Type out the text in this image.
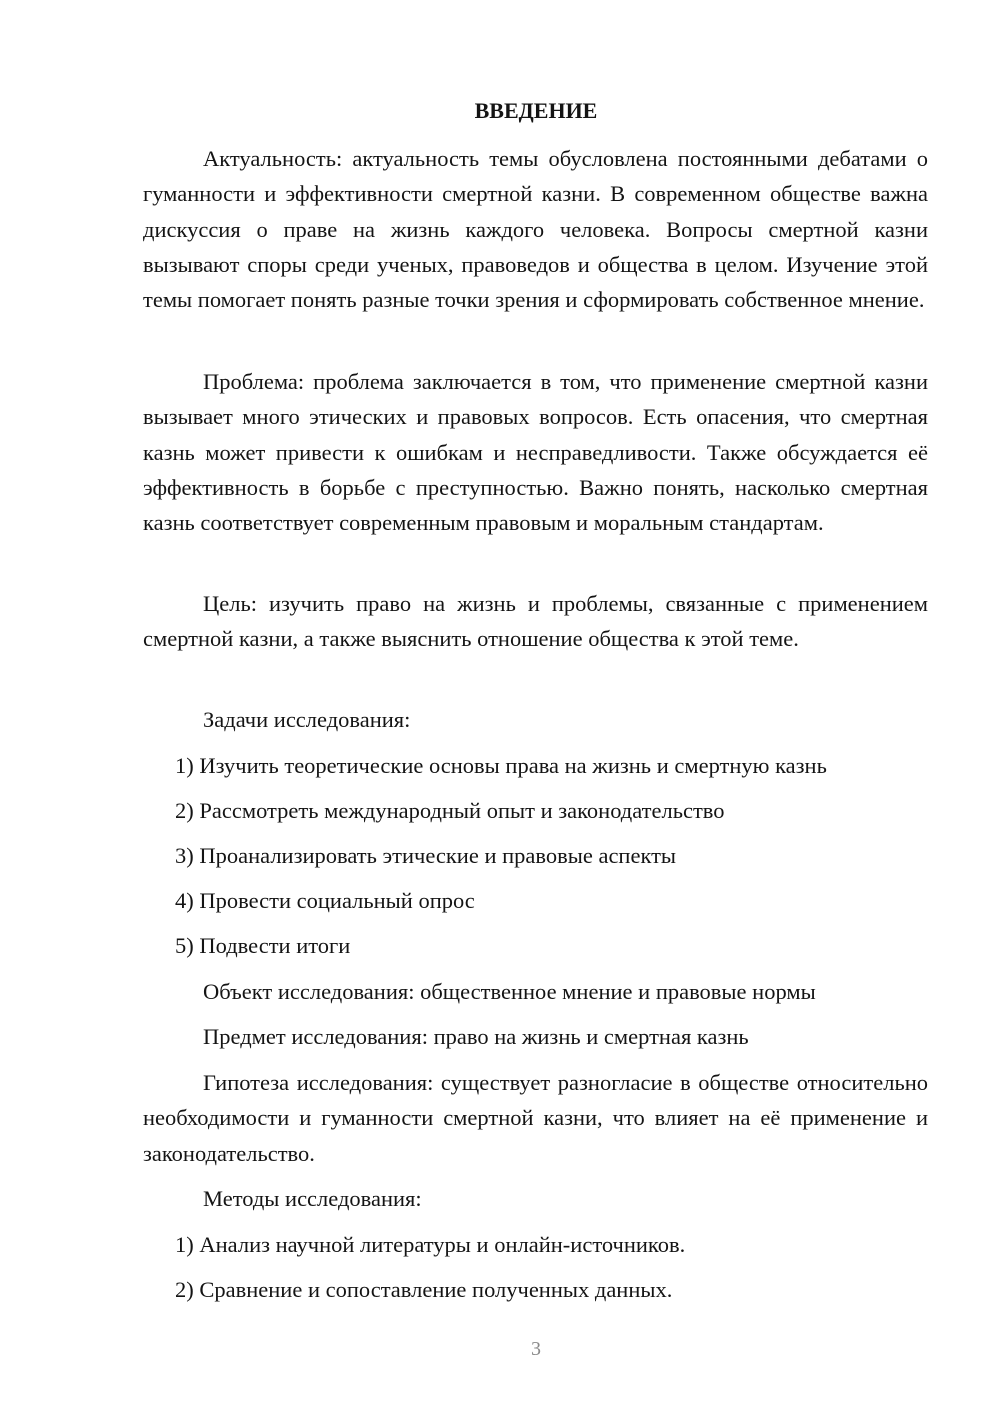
ВВЕДЕНИЕ

Актуальность: актуальность темы обусловлена постоянными дебатами о гуманности и эффективности смертной казни. В современном обществе важна дискуссия о праве на жизнь каждого человека. Вопросы смертной казни вызывают споры среди ученых, правоведов и общества в целом. Изучение этой темы помогает понять разные точки зрения и сформировать собственное мнение.

Проблема: проблема заключается в том, что применение смертной казни вызывает много этических и правовых вопросов. Есть опасения, что смертная казнь может привести к ошибкам и несправедливости. Также обсуждается её эффективность в борьбе с преступностью. Важно понять, насколько смертная казнь соответствует современным правовым и моральным стандартам.

Цель: изучить право на жизнь и проблемы, связанные с применением смертной казни, а также выяснить отношение общества к этой теме.

Задачи исследования:

1) Изучить теоретические основы права на жизнь и смертную казнь

2) Рассмотреть международный опыт и законодательство

3) Проанализировать этические и правовые аспекты

4) Провести социальный опрос

5) Подвести итоги

Объект исследования: общественное мнение и правовые нормы

Предмет исследования: право на жизнь и смертная казнь

Гипотеза исследования: существует разногласие в обществе относительно необходимости и гуманности смертной казни, что влияет на её применение и законодательство.

Методы исследования:

1) Анализ научной литературы и онлайн-источников.

2) Сравнение и сопоставление полученных данных.

3
